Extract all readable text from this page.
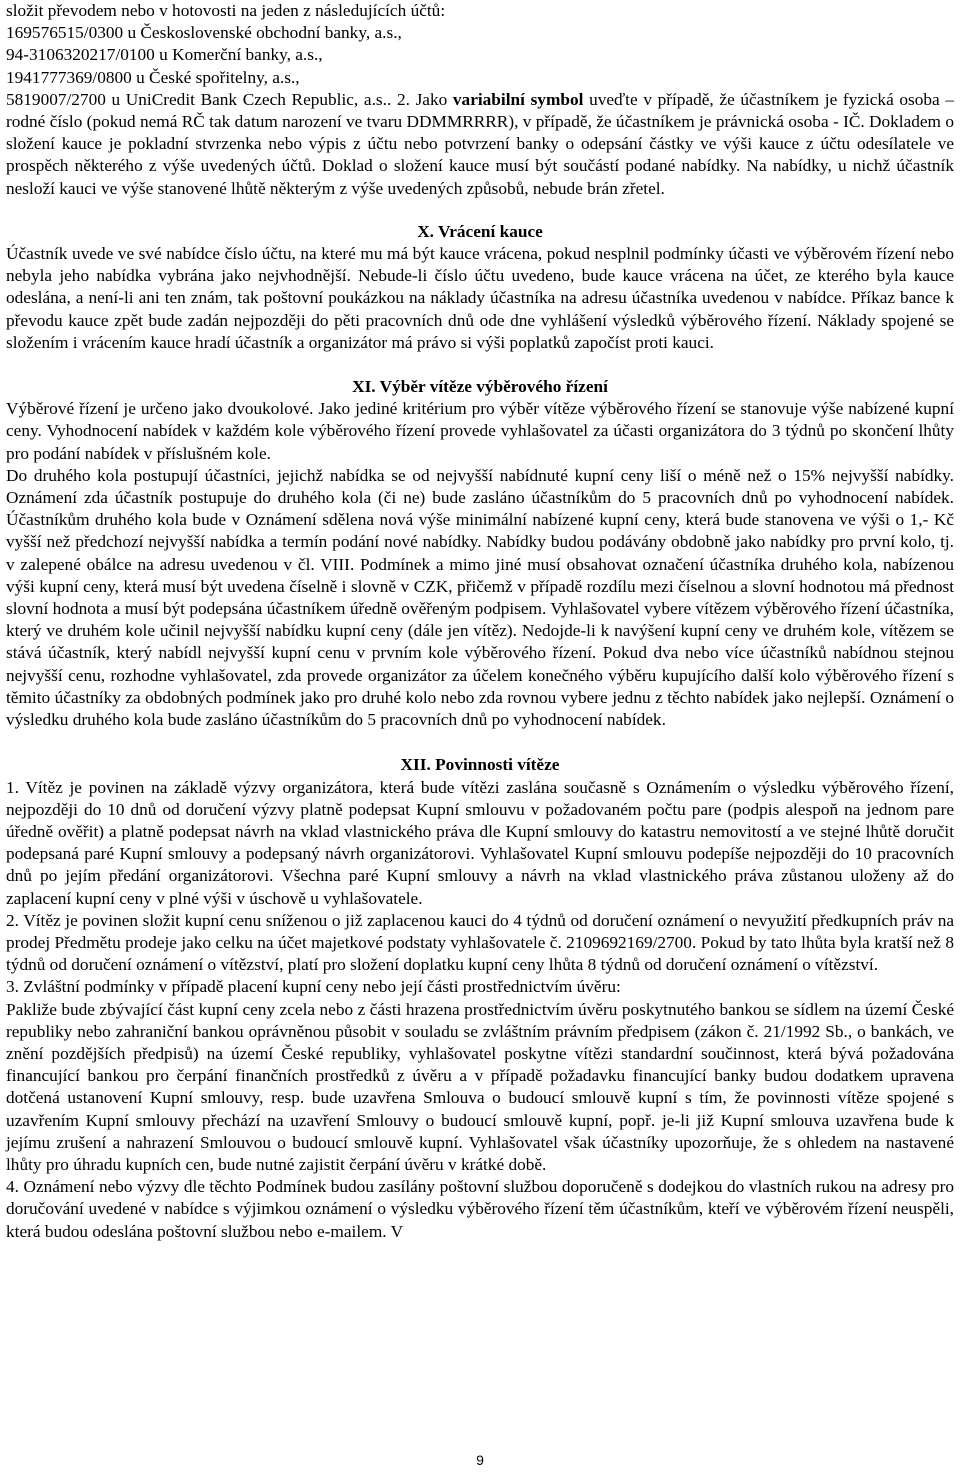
složit převodem nebo v hotovosti na jeden z následujících účtů:

169576515/0300 u Československé obchodní banky, a.s.,

94-3106320217/0100 u Komerční banky, a.s.,

1941777369/0800 u České spořitelny, a.s.,

5819007/2700 u UniCredit Bank Czech Republic, a.s.. 2. Jako variabilní symbol uveďte v případě, že účastníkem je fyzická osoba – rodné číslo (pokud nemá RČ tak datum narození ve tvaru DDMMRRRR), v případě, že účastníkem je právnická osoba - IČ. Dokladem o složení kauce je pokladní stvrzenka nebo výpis z účtu nebo potvrzení banky o odepsání částky ve výši kauce z účtu odesílatele ve prospěch některého z výše uvedených účtů. Doklad o složení kauce musí být součástí podané nabídky. Na nabídky, u nichž účastník nesloží kauci ve výše stanovené lhůtě některým z výše uvedených způsobů, nebude brán zřetel.

X. Vrácení kauce

Účastník uvede ve své nabídce číslo účtu, na které mu má být kauce vrácena, pokud nesplnil podmínky účasti ve výběrovém řízení nebo nebyla jeho nabídka vybrána jako nejvhodnější. Nebude-li číslo účtu uvedeno, bude kauce vrácena na účet, ze kterého byla kauce odeslána, a není-li ani ten znám, tak poštovní poukázkou na náklady účastníka na adresu účastníka uvedenou v nabídce. Příkaz bance k převodu kauce zpět bude zadán nejpozději do pěti pracovních dnů ode dne vyhlášení výsledků výběrového řízení. Náklady spojené se složením i vrácením kauce hradí účastník a organizátor má právo si výši poplatků započíst proti kauci.

XI. Výběr vítěze výběrového řízení

Výběrové řízení je určeno jako dvoukolové. Jako jediné kritérium pro výběr vítěze výběrového řízení se stanovuje výše nabízené kupní ceny. Vyhodnocení nabídek v každém kole výběrového řízení provede vyhlašovatel za účasti organizátora do 3 týdnů po skončení lhůty pro podání nabídek v příslušném kole.

Do druhého kola postupují účastníci, jejichž nabídka se od nejvyšší nabídnuté kupní ceny liší o méně než o 15% nejvyšší nabídky. Oznámení zda účastník postupuje do druhého kola (či ne) bude zasláno účastníkům do 5 pracovních dnů po vyhodnocení nabídek. Účastníkům druhého kola bude v Oznámení sdělena nová výše minimální nabízené kupní ceny, která bude stanovena ve výši o 1,- Kč vyšší než předchozí nejvyšší nabídka a termín podání nové nabídky. Nabídky budou podávány obdobně jako nabídky pro první kolo, tj. v zalepené obálce na adresu uvedenou v čl. VIII. Podmínek a mimo jiné musí obsahovat označení účastníka druhého kola, nabízenou výši kupní ceny, která musí být uvedena číselně i slovně v CZK, přičemž v případě rozdílu mezi číselnou a slovní hodnotou má přednost slovní hodnota a musí být podepsána účastníkem úředně ověřeným podpisem. Vyhlašovatel vybere vítězem výběrového řízení účastníka, který ve druhém kole učinil nejvyšší nabídku kupní ceny (dále jen vítěz). Nedojde-li k navýšení kupní ceny ve druhém kole, vítězem se stává účastník, který nabídl nejvyšší kupní cenu v prvním kole výběrového řízení. Pokud dva nebo více účastníků nabídnou stejnou nejvyšší cenu, rozhodne vyhlašovatel, zda provede organizátor za účelem konečného výběru kupujícího další kolo výběrového řízení s těmito účastníky za obdobných podmínek jako pro druhé kolo nebo zda rovnou vybere jednu z těchto nabídek jako nejlepší. Oznámení o výsledku druhého kola bude zasláno účastníkům do 5 pracovních dnů po vyhodnocení nabídek.

XII. Povinnosti vítěze

1. Vítěz je povinen na základě výzvy organizátora, která bude vítězi zaslána současně s Oznámením o výsledku výběrového řízení, nejpozději do 10 dnů od doručení výzvy platně podepsat Kupní smlouvu v požadovaném počtu pare (podpis alespoň na jednom pare úředně ověřit) a platně podepsat návrh na vklad vlastnického práva dle Kupní smlouvy do katastru nemovitostí a ve stejné lhůtě doručit podepsaná paré Kupní smlouvy a podepsaný návrh organizátorovi. Vyhlašovatel Kupní smlouvu podepíše nejpozději do 10 pracovních dnů po jejím předání organizátorovi. Všechna paré Kupní smlouvy a návrh na vklad vlastnického práva zůstanou uloženy až do zaplacení kupní ceny v plné výši v úschově u vyhlašovatele.

2. Vítěz je povinen složit kupní cenu sníženou o již zaplacenou kauci do 4 týdnů od doručení oznámení o nevyužití předkupních práv na prodej Předmětu prodeje jako celku na účet majetkové podstaty vyhlašovatele č. 2109692169/2700. Pokud by tato lhůta byla kratší než 8 týdnů od doručení oznámení o vítězství, platí pro složení doplatku kupní ceny lhůta 8 týdnů od doručení oznámení o vítězství.

3. Zvláštní podmínky v případě placení kupní ceny nebo její části prostřednictvím úvěru:

Pakliže bude zbývající část kupní ceny zcela nebo z části hrazena prostřednictvím úvěru poskytnutého bankou se sídlem na území České republiky nebo zahraniční bankou oprávněnou působit v souladu se zvláštním právním předpisem (zákon č. 21/1992 Sb., o bankách, ve znění pozdějších předpisů) na území České republiky, vyhlašovatel poskytne vítězi standardní součinnost, která bývá požadována financující bankou pro čerpání finančních prostředků z úvěru a v případě požadavku financující banky budou dodatkem upravena dotčená ustanovení Kupní smlouvy, resp. bude uzavřena Smlouva o budoucí smlouvě kupní s tím, že povinnosti vítěze spojené s uzavřením Kupní smlouvy přechází na uzavření Smlouvy o budoucí smlouvě kupní, popř. je-li již Kupní smlouva uzavřena bude k jejímu zrušení a nahrazení Smlouvou o budoucí smlouvě kupní. Vyhlašovatel však účastníky upozorňuje, že s ohledem na nastavené lhůty pro úhradu kupních cen, bude nutné zajistit čerpání úvěru v krátké době.

4. Oznámení nebo výzvy dle těchto Podmínek budou zasílány poštovní službou doporučeně s dodejkou do vlastních rukou na adresy pro doručování uvedené v nabídce s výjimkou oznámení o výsledku výběrového řízení těm účastníkům, kteří ve výběrovém řízení neuspěli, která budou odeslána poštovní službou nebo e-mailem. V

9
